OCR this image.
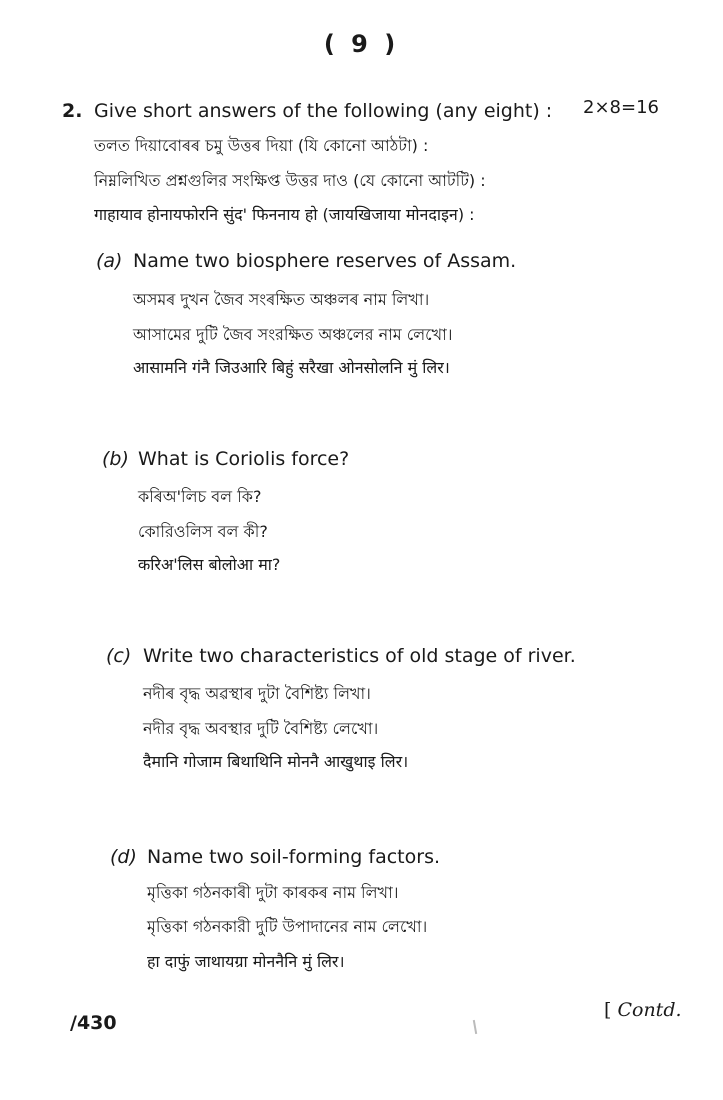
( 9 )
2. Give short answers of the following (any eight) : 2×8=16
তলত দিয়াবোৰৰ চমু উত্তৰ দিয়া (যি কোনো আঠটা) :
নিম্নলিখিত প্রশ্নগুলির সংক্ষিপ্ত উত্তর দাও (যে কোনো আটটি) :
गाहायाव होनायफोरनि सुंद' फिननाय हो (जायखिजाया मोनदाइन) :
(a) Name two biosphere reserves of Assam.
অসমৰ দুখন জৈব সংৰক্ষিত অঞ্চলৰ নাম লিখা।
আসামের দুটি জৈব সংরক্ষিত অঞ্চলের নাম লেখো।
आसामनि गंनै जिउआरि बिहुं सरैखा ओनसोलनि मुं लिर।
(b) What is Coriolis force?
কৰিঅ'লিচ বল কি?
কোরিওলিস বল কী?
करिअ'लिस बोलोआ मा?
(c) Write two characteristics of old stage of river.
নদীৰ বৃদ্ধ অৱস্থাৰ দুটা বৈশিষ্ট্য লিখা।
নদীর বৃদ্ধ অবস্থার দুটি বৈশিষ্ট্য লেখো।
दैमानि गोजाम बिथाथिनि मोननै आखुथाइ लिर।
(d) Name two soil-forming factors.
মৃত্তিকা গঠনকাৰী দুটা কাৰকৰ নাম লিখা।
মৃত্তিকা গঠনকারী দুটি উপাদানের নাম লেখো।
हा दाफुं जाथायग्रा मोननैनि मुं लिर।
/430
[ Contd.
